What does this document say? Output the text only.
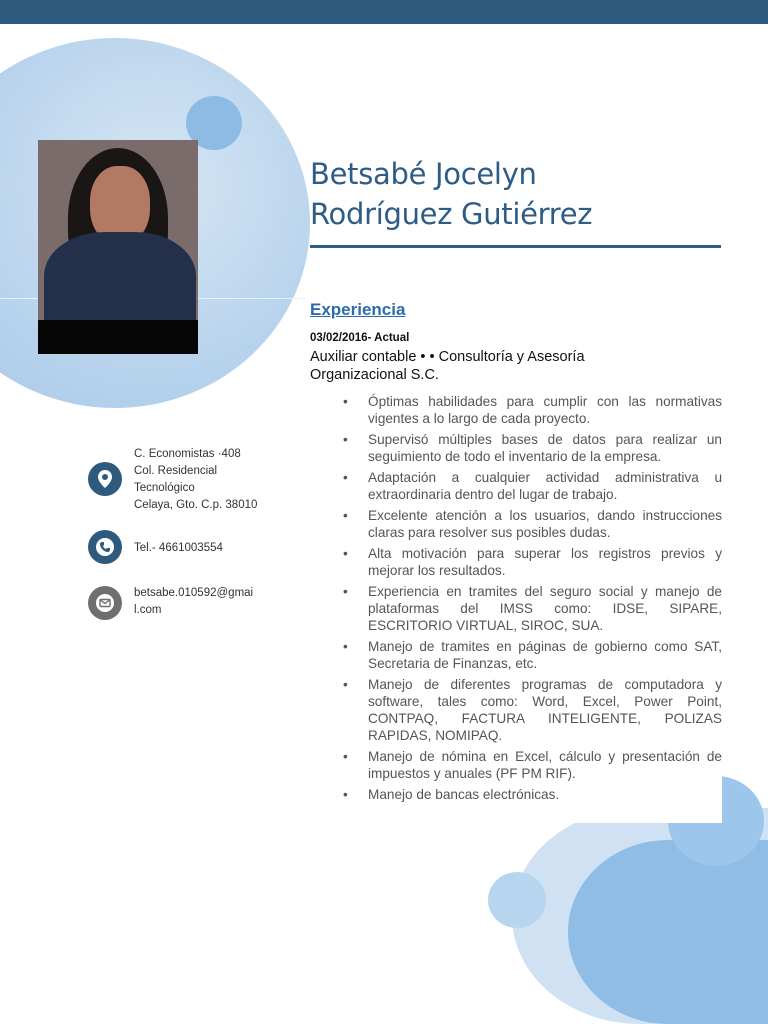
C. Economistas ·408
Col. Residencial
Tecnológico
Celaya, Gto. C.p. 38010
Tel.- 4661003554
betsabe.010592@gmai
l.com
Betsabé Jocelyn
Rodríguez Gutiérrez
Experiencia
03/02/2016- Actual
Auxiliar contable • • Consultoría y Asesoría
Organizacional S.C.
• Óptimas habilidades para cumplir con las normativas vigentes a lo largo de cada proyecto.
• Supervisó múltiples bases de datos para realizar un seguimiento de todo el inventario de la empresa.
• Adaptación a cualquier actividad administrativa u extraordinaria dentro del lugar de trabajo.
• Excelente atención a los usuarios, dando instrucciones claras para resolver sus posibles dudas.
• Alta motivación para superar los registros previos y mejorar los resultados.
• Experiencia en tramites del seguro social y manejo de plataformas del IMSS como: IDSE, SIPARE, ESCRITORIO VIRTUAL, SIROC, SUA.
• Manejo de tramites en páginas de gobierno como SAT, Secretaria de Finanzas, etc.
• Manejo de diferentes programas de computadora y software, tales como: Word, Excel, Power Point, CONTPAQ, FACTURA INTELIGENTE, POLIZAS RAPIDAS, NOMIPAQ.
• Manejo de nómina en Excel, cálculo y presentación de impuestos y anuales (PF PM RIF).
• Manejo de bancas electrónicas.
